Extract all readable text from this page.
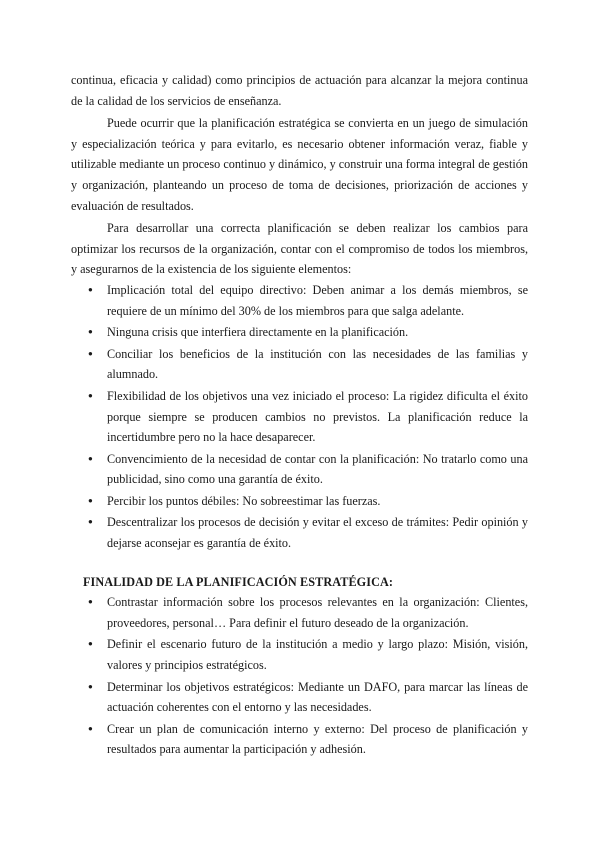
continua, eficacia y calidad) como principios de actuación para alcanzar la mejora continua de la calidad de los servicios de enseñanza.

Puede ocurrir que la planificación estratégica se convierta en un juego de simulación y especialización teórica y para evitarlo, es necesario obtener información veraz, fiable y utilizable mediante un proceso continuo y dinámico, y construir una forma integral de gestión y organización, planteando un proceso de toma de decisiones, priorización de acciones y evaluación de resultados.

Para desarrollar una correcta planificación se deben realizar los cambios para optimizar los recursos de la organización, contar con el compromiso de todos los miembros, y asegurarnos de la existencia de los siguiente elementos:

● Implicación total del equipo directivo: Deben animar a los demás miembros, se requiere de un mínimo del 30% de los miembros para que salga adelante.
● Ninguna crisis que interfiera directamente en la planificación.
● Conciliar los beneficios de la institución con las necesidades de las familias y alumnado.
● Flexibilidad de los objetivos una vez iniciado el proceso: La rigidez dificulta el éxito porque siempre se producen cambios no previstos. La planificación reduce la incertidumbre pero no la hace desaparecer.
● Convencimiento de la necesidad de contar con la planificación: No tratarlo como una publicidad, sino como una garantía de éxito.
● Percibir los puntos débiles: No sobreestimar las fuerzas.
● Descentralizar los procesos de decisión y evitar el exceso de trámites: Pedir opinión y dejarse aconsejar es garantía de éxito.

FINALIDAD DE LA PLANIFICACIÓN ESTRATÉGICA:

● Contrastar información sobre los procesos relevantes en la organización: Clientes, proveedores, personal… Para definir el futuro deseado de la organización.
● Definir el escenario futuro de la institución a medio y largo plazo: Misión, visión, valores y principios estratégicos.
● Determinar los objetivos estratégicos: Mediante un DAFO, para marcar las líneas de actuación coherentes con el entorno y las necesidades.
● Crear un plan de comunicación interno y externo: Del proceso de planificación y resultados para aumentar la participación y adhesión.
